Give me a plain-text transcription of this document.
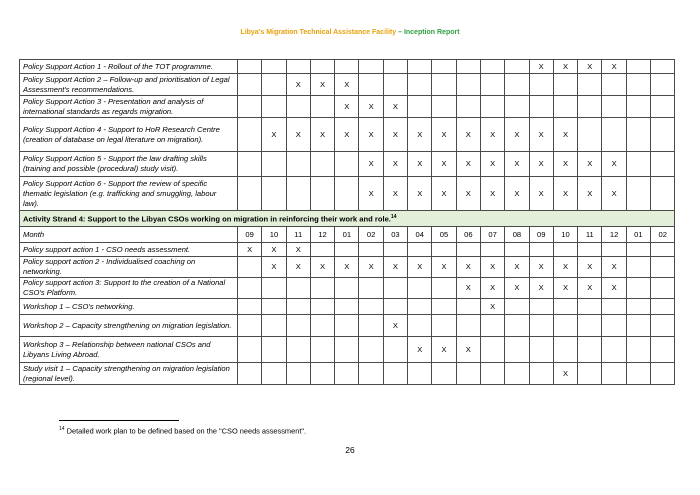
Libya's Migration Technical Assistance Facility – Inception Report
Policy Support Action 1 - Rollout of the TOT programme.													X	X	X	X		
Policy Support Action 2 – Follow-up and prioritisation of Legal Assessment's recommendations.			X	X	X													
Policy Support Action 3 - Presentation and analysis of international standards as regards migration.					X	X	X											
Policy Support Action 4 - Support to HoR Research Centre (creation of database on legal literature on migration).		X	X	X	X	X	X	X	X	X	X	X	X	X				
Policy Support Action 5 - Support the law drafting skills (training and possible (procedural) study visit).						X	X	X	X	X	X	X	X	X	X	X		
Policy Support Action 6 - Support the review of specific thematic legislation (e.g. trafficking and smuggling, labour law).						X	X	X	X	X	X	X	X	X	X	X		
Activity Strand 4: Support to the Libyan CSOs working on migration in reinforcing their work and role.$^{14}$
Month	09	10	11	12	01	02	03	04	05	06	07	08	09	10	11	12	01	02
Policy support action 1 - CSO needs assessment.	X	X	X															
Policy support action 2 - Individualised coaching on networking.		X	X	X	X	X	X	X	X	X	X	X	X	X	X	X		
Policy support action 3: Support to the creation of a National CSO's Platform.										X	X	X	X	X	X	X		
Workshop 1 – CSO's networking.											X							
Workshop 2 – Capacity strengthening on migration legislation.							X											
Workshop 3 – Relationship between national CSOs and Libyans Living Abroad.								X	X	X								
Study visit 1 – Capacity strengthening on migration legislation (regional level).														X				
$^{14}$ Detailed work plan to be defined based on the "CSO needs assessment".
26
